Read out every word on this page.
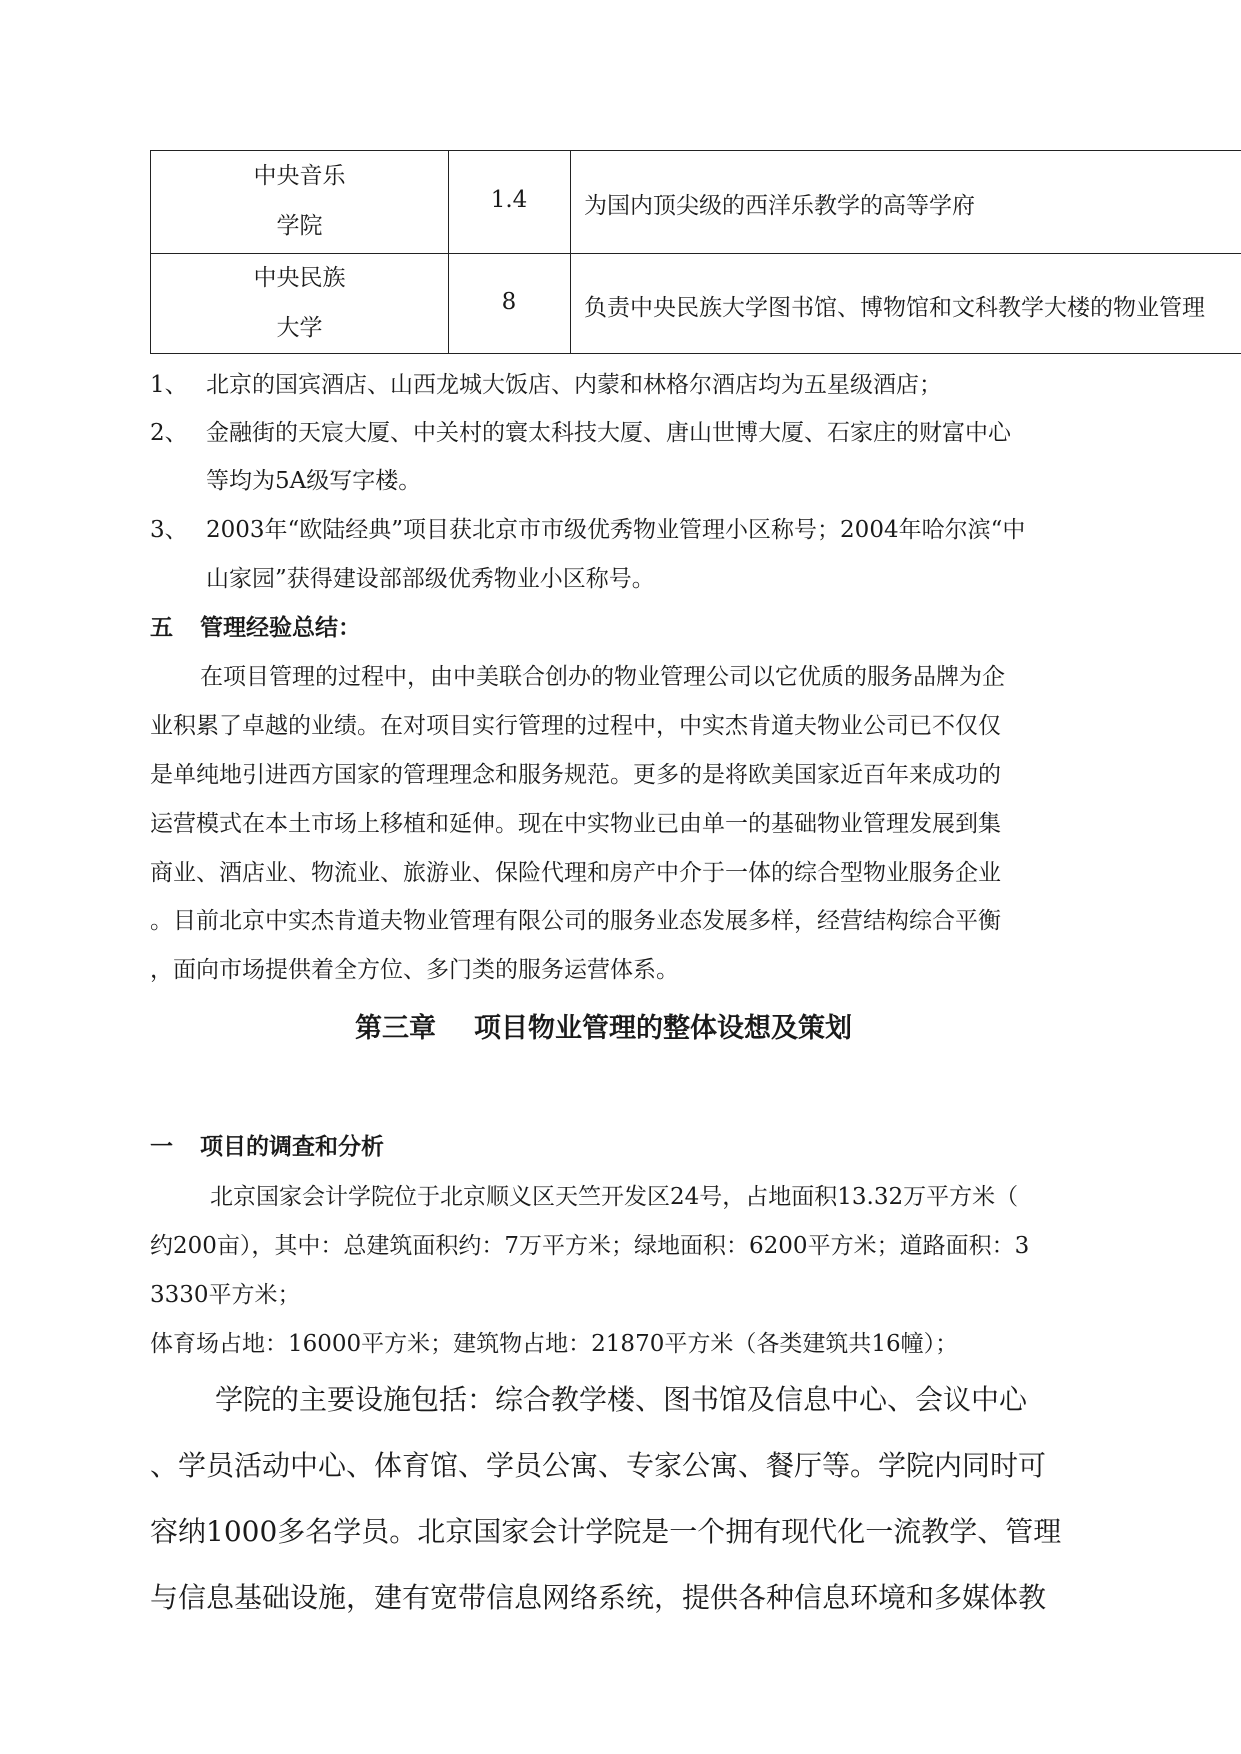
中央音乐
学院
1.4	为国内顶尖级的西洋乐教学的高等学府
中央民族
大学
8	负责中央民族大学图书馆、博物馆和文科教学大楼的物业管理
1、 北京的国宾酒店、山西龙城大饭店、内蒙和林格尔酒店均为五星级酒店；
2、 金融街的天宸大厦、中关村的寰太科技大厦、唐山世博大厦、石家庄的财富中心
等均为5A级写字楼。
3、 2003年“欧陆经典”项目获北京市市级优秀物业管理小区称号；2004年哈尔滨“中
山家园”获得建设部部级优秀物业小区称号。
五 管理经验总结：
在项目管理的过程中，由中美联合创办的物业管理公司以它优质的服务品牌为企
业积累了卓越的业绩。在对项目实行管理的过程中，中实杰肯道夫物业公司已不仅仅
是单纯地引进西方国家的管理理念和服务规范。更多的是将欧美国家近百年来成功的
运营模式在本土市场上移植和延伸。现在中实物业已由单一的基础物业管理发展到集
商业、酒店业、物流业、旅游业、保险代理和房产中介于一体的综合型物业服务企业
。目前北京中实杰肯道夫物业管理有限公司的服务业态发展多样，经营结构综合平衡
，面向市场提供着全方位、多门类的服务运营体系。
第三章 项目物业管理的整体设想及策划
一 项目的调查和分析
北京国家会计学院位于北京顺义区天竺开发区24号，占地面积13.32万平方米（
约200亩），其中：总建筑面积约：7万平方米；绿地面积：6200平方米；道路面积：3
3330平方米；
体育场占地：16000平方米；建筑物占地：21870平方米（各类建筑共16幢）；
学院的主要设施包括：综合教学楼、图书馆及信息中心、会议中心
、学员活动中心、体育馆、学员公寓、专家公寓、餐厅等。学院内同时可
容纳1000多名学员。北京国家会计学院是一个拥有现代化一流教学、管理
与信息基础设施，建有宽带信息网络系统，提供各种信息环境和多媒体教
